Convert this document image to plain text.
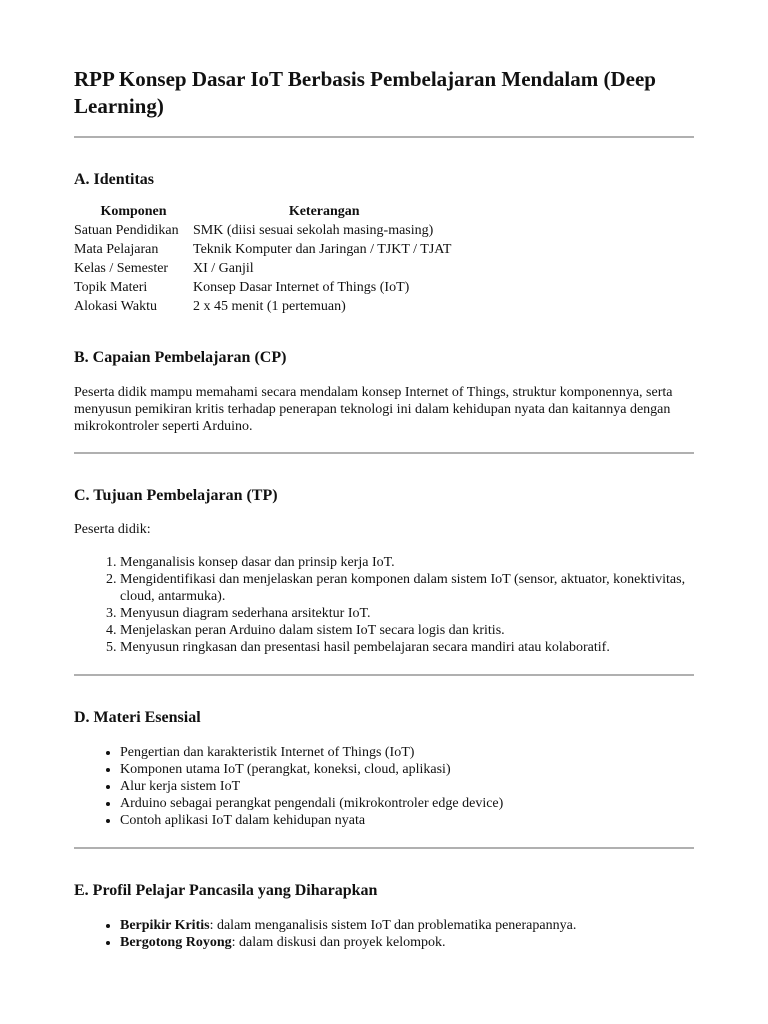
RPP Konsep Dasar IoT Berbasis Pembelajaran Mendalam (Deep Learning)
A. Identitas
Komponen	Keterangan
Satuan Pendidikan	SMK (diisi sesuai sekolah masing-masing)
Mata Pelajaran	Teknik Komputer dan Jaringan / TJKT / TJAT
Kelas / Semester	XI / Ganjil
Topik Materi	Konsep Dasar Internet of Things (IoT)
Alokasi Waktu	2 x 45 menit (1 pertemuan)
B. Capaian Pembelajaran (CP)

Peserta didik mampu memahami secara mendalam konsep Internet of Things, struktur komponennya, serta menyusun pemikiran kritis terhadap penerapan teknologi ini dalam kehidupan nyata dan kaitannya dengan mikrokontroler seperti Arduino.

C. Tujuan Pembelajaran (TP)

Peserta didik:

1. Menganalisis konsep dasar dan prinsip kerja IoT.
2. Mengidentifikasi dan menjelaskan peran komponen dalam sistem IoT (sensor, aktuator, konektivitas, cloud, antarmuka).
3. Menyusun diagram sederhana arsitektur IoT.
4. Menjelaskan peran Arduino dalam sistem IoT secara logis dan kritis.
5. Menyusun ringkasan dan presentasi hasil pembelajaran secara mandiri atau kolaboratif.
D. Materi Esensial
• Pengertian dan karakteristik Internet of Things (IoT)
• Komponen utama IoT (perangkat, koneksi, cloud, aplikasi)
• Alur kerja sistem IoT
• Arduino sebagai perangkat pengendali (mikrokontroler edge device)
• Contoh aplikasi IoT dalam kehidupan nyata
E. Profil Pelajar Pancasila yang Diharapkan
• Berpikir Kritis: dalam menganalisis sistem IoT dan problematika penerapannya.
• Bergotong Royong: dalam diskusi dan proyek kelompok.
